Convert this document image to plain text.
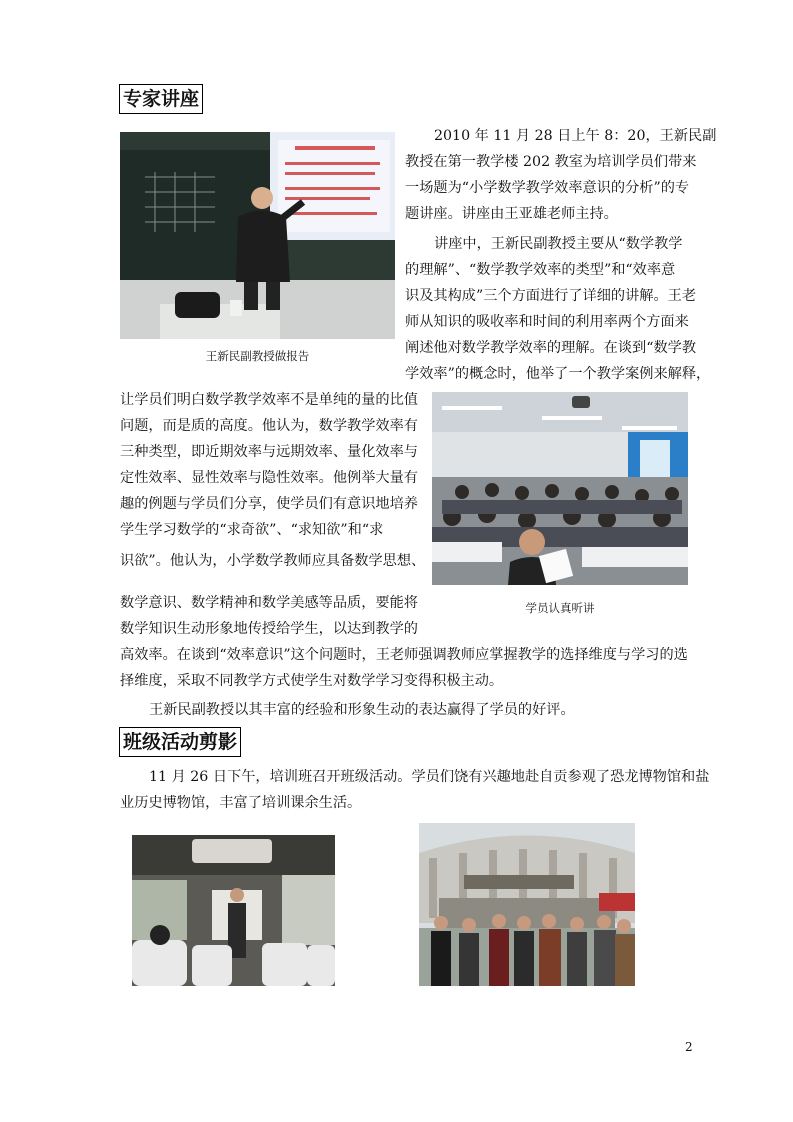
专家讲座
王新民副教授做报告
2010 年 11 月 28 日上午 8：20，王新民副
教授在第一教学楼 202 教室为培训学员们带来
一场题为“小学数学教学效率意识的分析”的专
题讲座。讲座由王亚雄老师主持。
讲座中，王新民副教授主要从“数学教学
的理解”、“数学教学效率的类型”和“效率意
识及其构成”三个方面进行了详细的讲解。王老
师从知识的吸收率和时间的利用率两个方面来
阐述他对数学教学效率的理解。在谈到“数学教
学效率”的概念时，他举了一个教学案例来解释，
让学员们明白数学教学效率不是单纯的量的比值
问题，而是质的高度。他认为，数学教学效率有
三种类型，即近期效率与远期效率、量化效率与
定性效率、显性效率与隐性效率。他例举大量有
趣的例题与学员们分享，使学员们有意识地培养
学生学习数学的“求奇欲”、“求知欲”和“求
识欲”。他认为，小学数学教师应具备数学思想、
数学意识、数学精神和数学美感等品质，要能将
数学知识生动形象地传授给学生，以达到教学的
学员认真听讲
高效率。在谈到“效率意识”这个问题时，王老师强调教师应掌握教学的选择维度与学习的选
择维度，采取不同教学方式使学生对数学学习变得积极主动。
王新民副教授以其丰富的经验和形象生动的表达赢得了学员的好评。
班级活动剪影
11 月 26 日下午，培训班召开班级活动。学员们饶有兴趣地赴自贡参观了恐龙博物馆和盐
业历史博物馆，丰富了培训课余生活。
2
